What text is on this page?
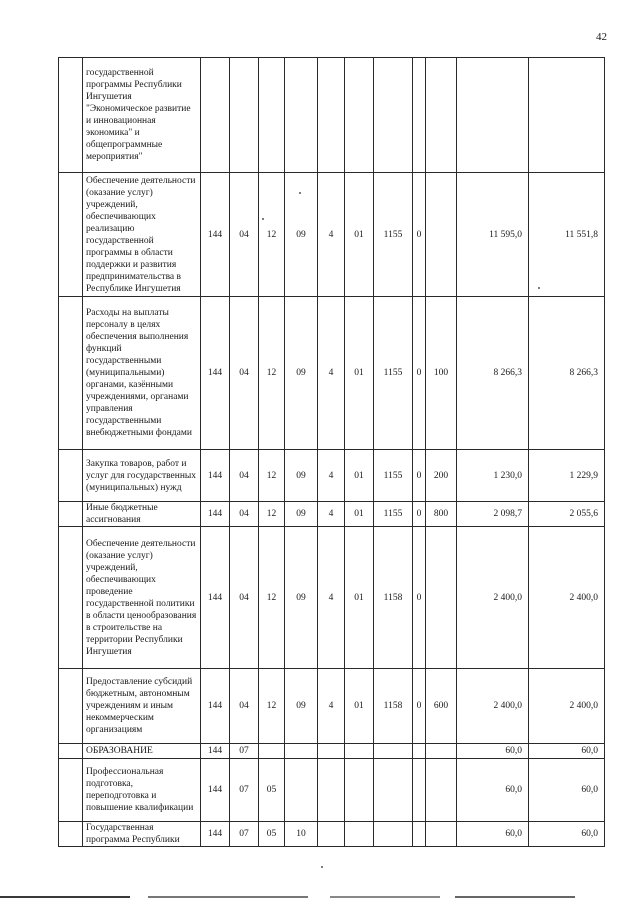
42
	государственной программы Республики Ингушетия "Экономическое развитие и инновационная экономика" и общепрограммные мероприятия"											
	Обеспечение деятельности (оказание услуг) учреждений, обеспечивающих реализацию государственной программы в области поддержки и развития предпринимательства в Республике Ингушетия	144	04	12	09	4	01	1155	0		11 595,0	11 551,8
	Расходы на выплаты персоналу в целях обеспечения выполнения функций государственными (муниципальными) органами, казёнными учреждениями, органами управления государственными внебюджетными фондами	144	04	12	09	4	01	1155	0	100	8 266,3	8 266,3
	Закупка товаров, работ и услуг для государственных (муниципальных) нужд	144	04	12	09	4	01	1155	0	200	1 230,0	1 229,9
	Иные бюджетные ассигнования	144	04	12	09	4	01	1155	0	800	2 098,7	2 055,6
	Обеспечение деятельности (оказание услуг) учреждений, обеспечивающих проведение государственной политики в области ценообразования в строительстве на территории Республики Ингушетия	144	04	12	09	4	01	1158	0		2 400,0	2 400,0
	Предоставление субсидий бюджетным, автономным учреждениям и иным некоммерческим организациям	144	04	12	09	4	01	1158	0	600	2 400,0	2 400,0
	ОБРАЗОВАНИЕ	144	07								60,0	60,0
	Профессиональная подготовка, переподготовка и повышение квалификации	144	07	05							60,0	60,0
	Государственная программа Республики	144	07	05	10						60,0	60,0
